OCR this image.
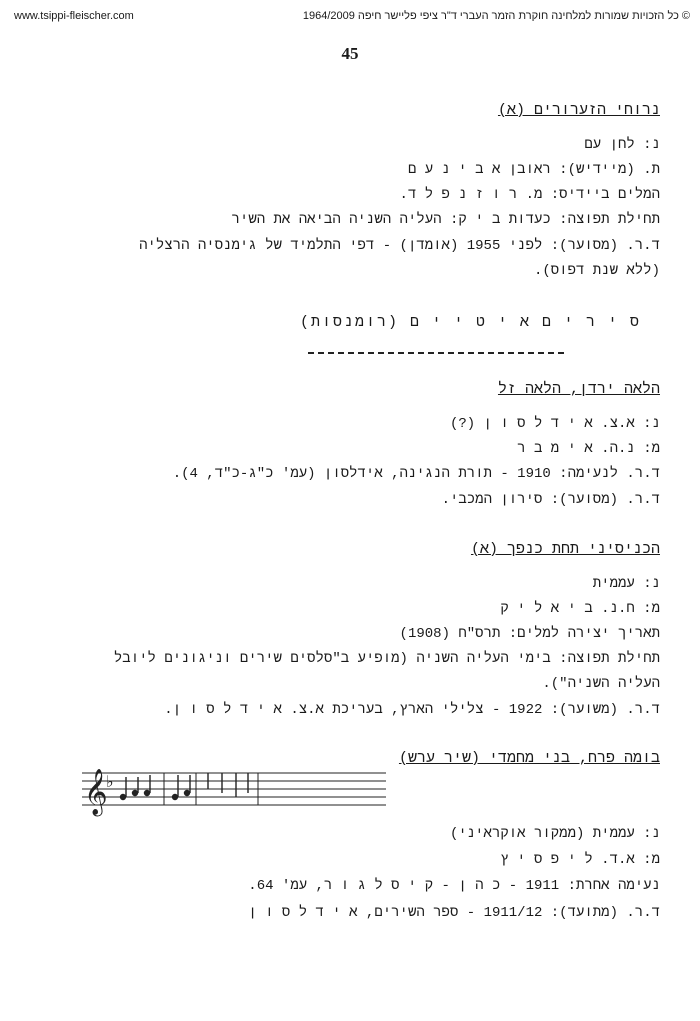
www.tsippi-fleischer.com	© כל הזכויות שמורות למלחינה חוקרת הזמר העברי ד"ר ציפי פליישר חיפה 1964/2009
45
נרוחי הזערורים (א)
נ: לחן עם
ת. (מיידיש): ראובן א ב י נ ע ם
המלים ביידיס: מ. ר ו ז נ פ ל ד.
תחילת תפוצה: כעדות ב י ק: העליה השניה הביאה את השיר
ד.ר. (מסוער): לפני 1955 (אומדן) - דפי התלמיד של גימנסיה הרצליה
(ללא שנת דפוס).
ס י ר י ם א י ט י י ם (רומנסות)
הלאה ירדן, הלאה זל
נ: א.צ. א י ד ל ס ו ן (?)
מ: נ.ה. א י מ ב ר
ד.ר. לנעימה: 1910 - תורת הנגינה, אידלסון (עמ' כ"ג-כ"ד, 4).
ד.ר. (מסוער): סירון המכבי.
הכניסיני תחת כנפך (א)
נ: עממית
מ: ח.נ. ב י א ל י ק
תאריך יצירה למלים: תרס"ח (1908)
תחילת תפוצה: בימי העליה השניה (מופיע ב"סלסים שירים וניגונים ליובל
העליה השניה").
ד.ר. (משוער): 1922 - צלילי הארץ, בעריכת א.צ. א י ד ל ס ו ן.
בומה פרח, בני מחמדי (שיר ערש)
𝄞
♭
נ: עממית (ממקור אוקראיני)
מ: א.ד. ל י פ ס י ץ
נעימה אחרת: 1911 - כ ה ן - ק י ס ל ג ו ר, עמ' 64.
ד.ר. (מתועד): 1911/12 - ספר השירים, א י ד ל ס ו ן
